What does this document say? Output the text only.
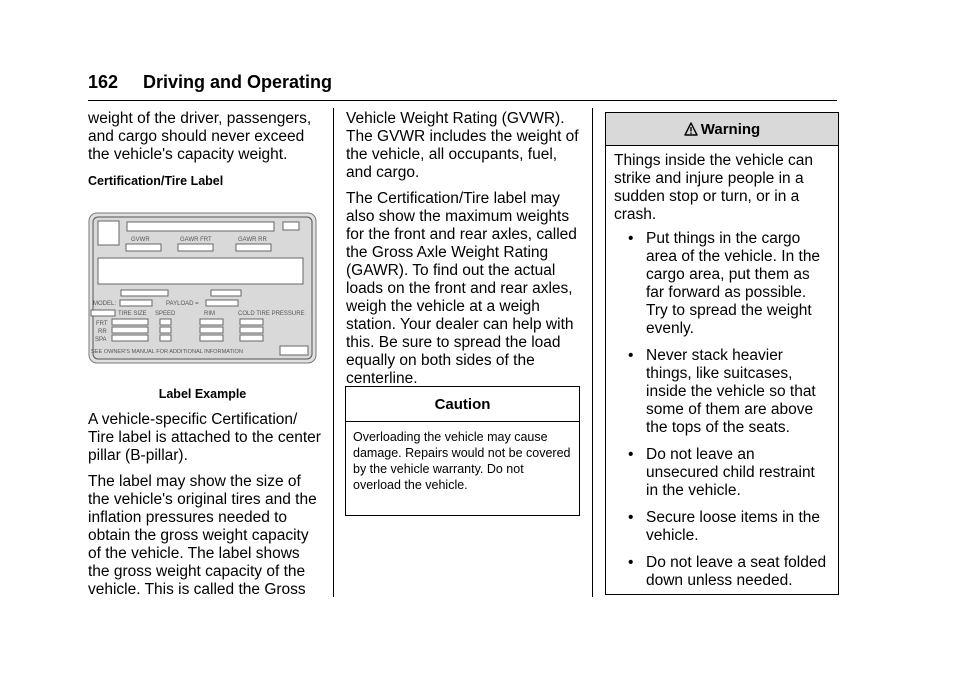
162 Driving and Operating

weight of the driver, passengers, and cargo should never exceed the vehicle's capacity weight.

Certification/Tire Label

GVWR	GAWR FRT	GAWR RR
MODEL:	PAYLOAD =
TIRE SIZE SPEED	RIM	COLD TIRE PRESSURE
FRT
RR
SPA
SEE OWNER'S MANUAL FOR ADDITIONAL INFORMATION
Label Example

A vehicle-specific Certification/ Tire label is attached to the center pillar (B-pillar).

The label may show the size of the vehicle's original tires and the inflation pressures needed to obtain the gross weight capacity of the vehicle. The label shows the gross weight capacity of the vehicle. This is called the Gross

Vehicle Weight Rating (GVWR). The GVWR includes the weight of the vehicle, all occupants, fuel, and cargo.

The Certification/Tire label may also show the maximum weights for the front and rear axles, called the Gross Axle Weight Rating (GAWR). To find out the actual loads on the front and rear axles, weigh the vehicle at a weigh station. Your dealer can help with this. Be sure to spread the load equally on both sides of the centerline.

Caution
Overloading the vehicle may cause damage. Repairs would not be covered by the vehicle warranty. Do not overload the vehicle.
Warning

Things inside the vehicle can strike and injure people in a sudden stop or turn, or in a crash.

• Put things in the cargo area of the vehicle. In the cargo area, put them as far forward as possible. Try to spread the weight evenly.
• Never stack heavier things, like suitcases, inside the vehicle so that some of them are above the tops of the seats.
• Do not leave an unsecured child restraint in the vehicle.
• Secure loose items in the vehicle.
• Do not leave a seat folded down unless needed.
